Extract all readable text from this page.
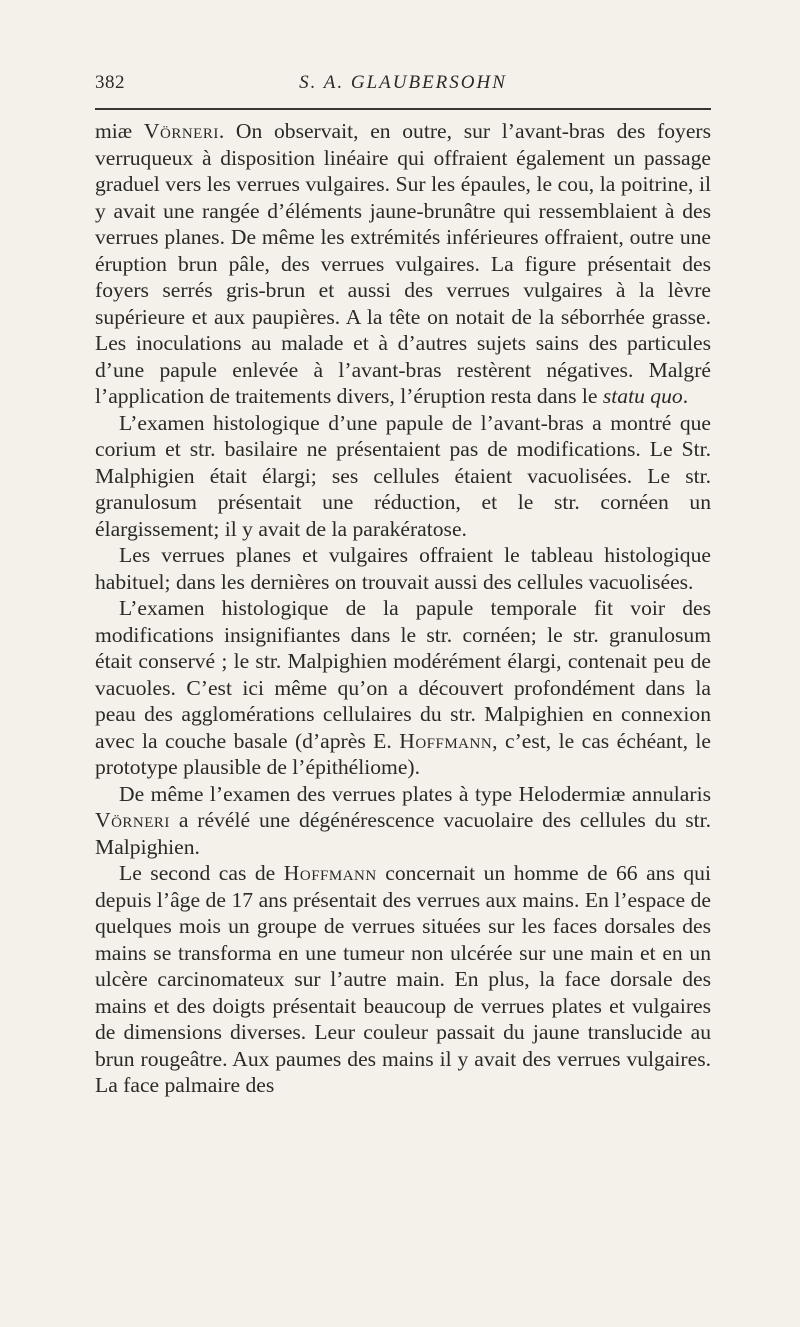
382	S. A. GLAUBERSOHN

miæ Vörneri. On observait, en outre, sur l’avant-bras des foyers verruqueux à disposition linéaire qui offraient également un passage graduel vers les verrues vulgaires. Sur les épaules, le cou, la poitrine, il y avait une rangée d’éléments jaune-brunâtre qui ressemblaient à des verrues planes. De même les extrémités inférieures offraient, outre une éruption brun pâle, des verrues vulgaires. La figure présentait des foyers serrés gris-brun et aussi des verrues vulgaires à la lèvre supérieure et aux paupières. A la tête on notait de la séborrhée grasse. Les inoculations au malade et à d’autres sujets sains des particules d’une papule enlevée à l’avant-bras restèrent négatives. Malgré l’application de traitements divers, l’éruption resta dans le statu quo.

L’examen histologique d’une papule de l’avant-bras a montré que corium et str. basilaire ne présentaient pas de modifications. Le Str. Malphigien était élargi; ses cellules étaient vacuolisées. Le str. granulosum présentait une réduction, et le str. cornéen un élargissement; il y avait de la parakératose.

Les verrues planes et vulgaires offraient le tableau histologique habituel; dans les dernières on trouvait aussi des cellules vacuolisées.

L’examen histologique de la papule temporale fit voir des modifications insignifiantes dans le str. cornéen; le str. granulosum était conservé ; le str. Malpighien modérément élargi, contenait peu de vacuoles. C’est ici même qu’on a découvert profondément dans la peau des agglomérations cellulaires du str. Malpighien en connexion avec la couche basale (d’après E. Hoffmann, c’est, le cas échéant, le prototype plausible de l’épithéliome).

De même l’examen des verrues plates à type Helodermiæ annularis Vörneri a révélé une dégénérescence vacuolaire des cellules du str. Malpighien.

Le second cas de Hoffmann concernait un homme de 66 ans qui depuis l’âge de 17 ans présentait des verrues aux mains. En l’espace de quelques mois un groupe de verrues situées sur les faces dorsales des mains se transforma en une tumeur non ulcérée sur une main et en un ulcère carcinomateux sur l’autre main. En plus, la face dorsale des mains et des doigts présentait beaucoup de verrues plates et vulgaires de dimensions diverses. Leur couleur passait du jaune translucide au brun rougeâtre. Aux paumes des mains il y avait des verrues vulgaires. La face palmaire des
